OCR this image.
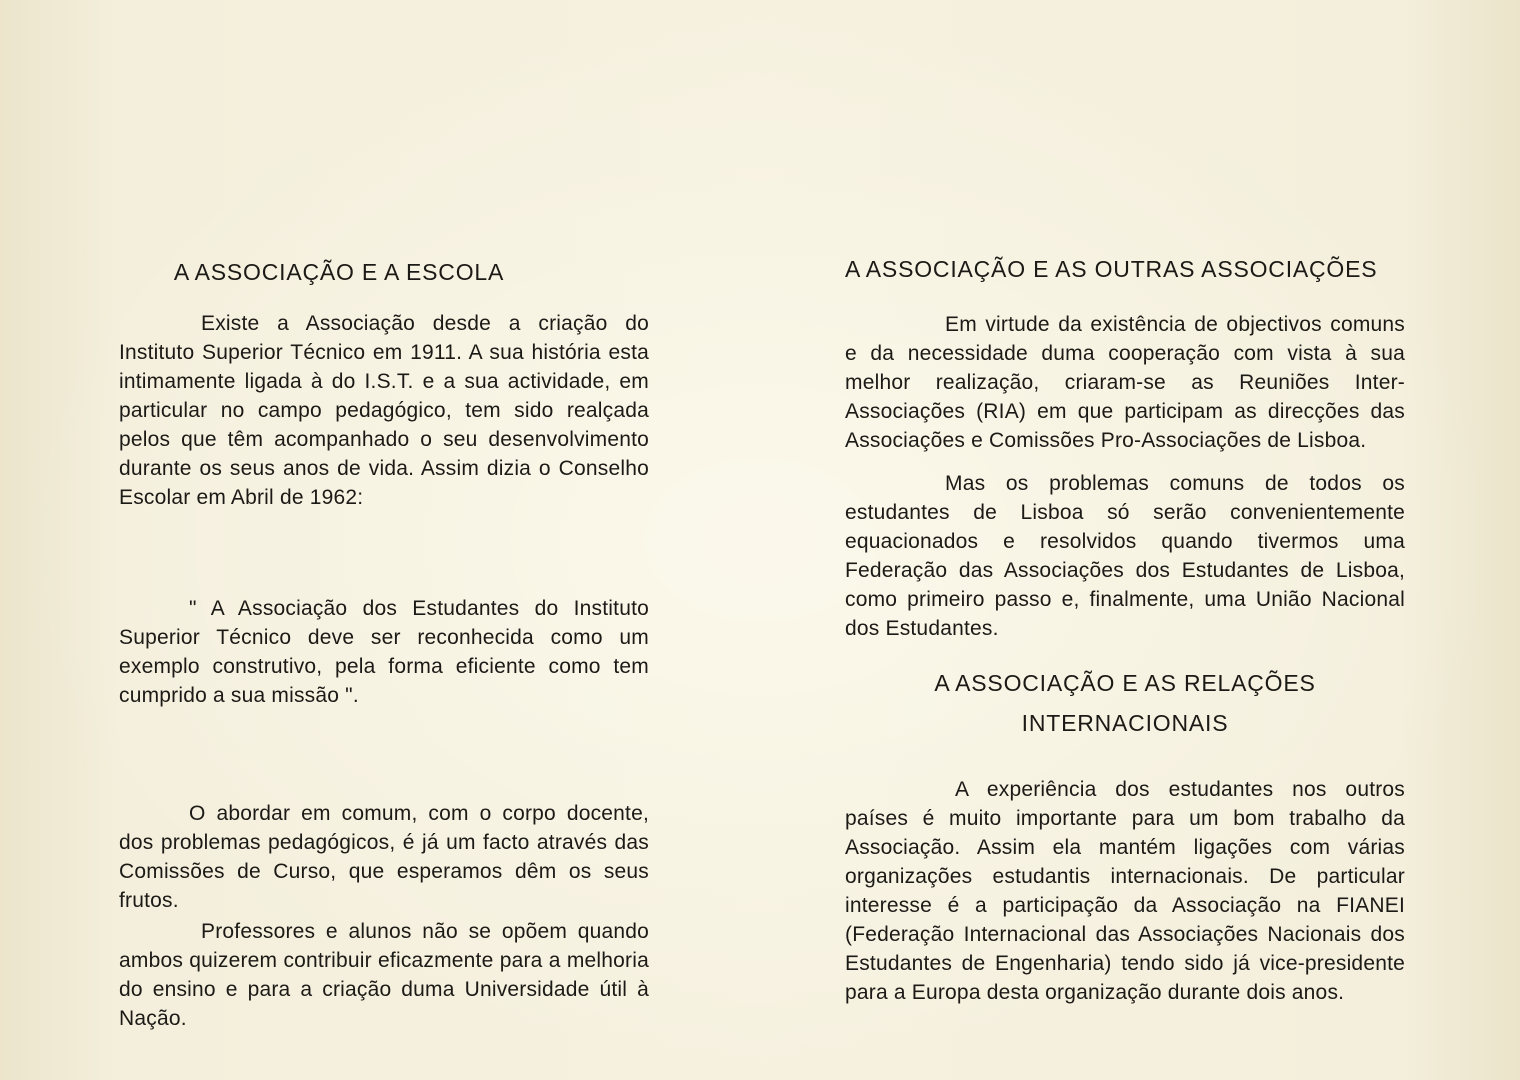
A ASSOCIAÇÃO E A ESCOLA

Existe a Associação desde a criação do Instituto Superior Técnico em 1911. A sua história esta intimamente ligada à do I.S.T. e a sua actividade, em particular no campo pedagógico, tem sido realçada pelos que têm acompanhado o seu desenvolvimento durante os seus anos de vida. Assim dizia o Conselho Escolar em Abril de 1962:

" A Associação dos Estudantes do Instituto Superior Técnico deve ser reconhecida como um exemplo construtivo, pela forma eficiente como tem cumprido a sua missão ".

O abordar em comum, com o corpo docente, dos problemas pedagógicos, é já um facto através das Comissões de Curso, que esperamos dêm os seus frutos.

Professores e alunos não se opõem quando ambos quizerem contribuir eficazmente para a melhoria do ensino e para a criação duma Universidade útil à Nação.

A ASSOCIAÇÃO E AS OUTRAS ASSOCIAÇÕES

Em virtude da existência de objectivos comuns e da necessidade duma cooperação com vista à sua melhor realização, criaram-se as Reuniões Inter-Associações (RIA) em que participam as direcções das Associações e Comissões Pro-Associações de Lisboa.

Mas os problemas comuns de todos os estudantes de Lisboa só serão convenientemente equacionados e resolvidos quando tivermos uma Federação das Associações dos Estudantes de Lisboa, como primeiro passo e, finalmente, uma União Nacional dos Estudantes.

A ASSOCIAÇÃO E AS RELAÇÕES
INTERNACIONAIS

A experiência dos estudantes nos outros países é muito importante para um bom trabalho da Associação. Assim ela mantém ligações com várias organizações estudantis internacionais. De particular interesse é a participação da Associação na FIANEI (Federação Internacional das Associações Nacionais dos Estudantes de Engenharia) tendo sido já vice-presidente para a Europa desta organização durante dois anos.
